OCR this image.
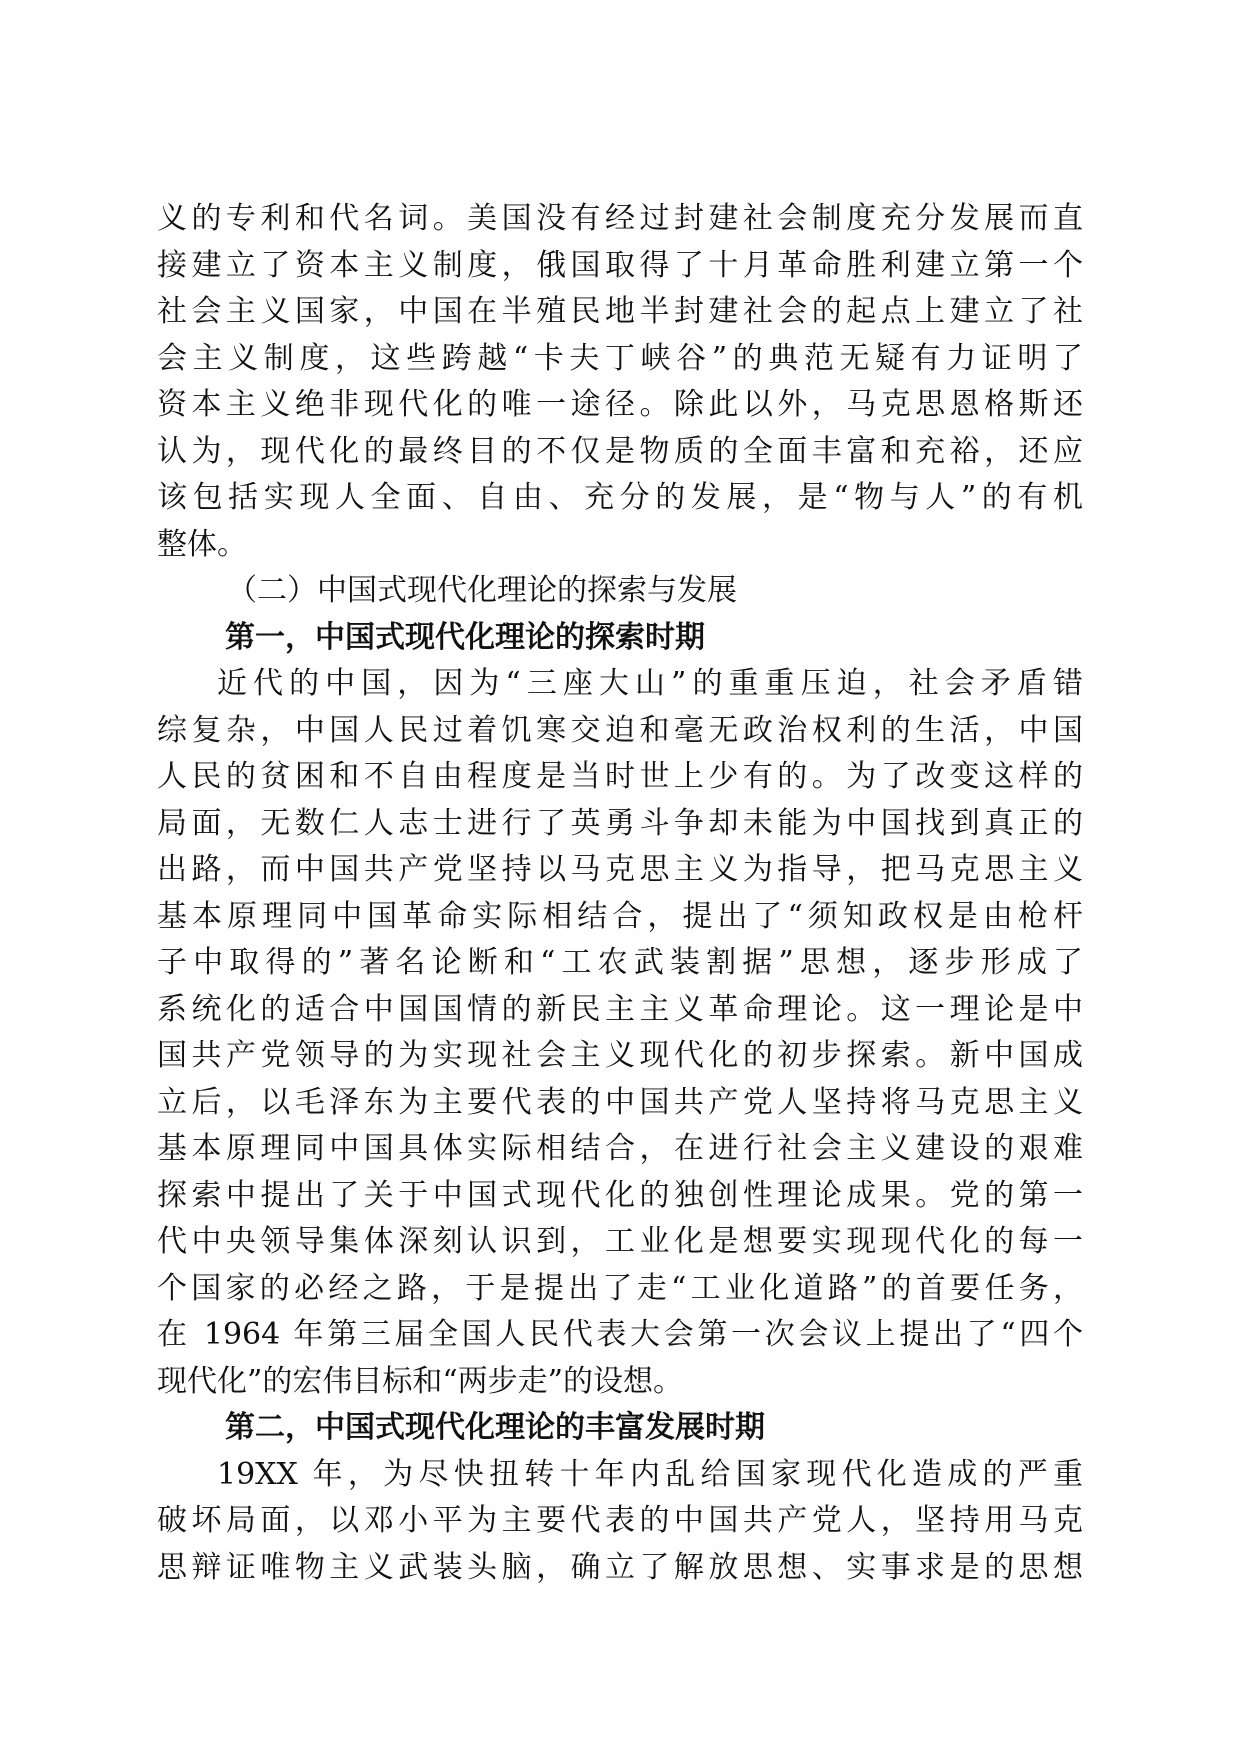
义的专利和代名词。美国没有经过封建社会制度充分发展而直
接建立了资本主义制度，俄国取得了十月革命胜利建立第一个
社会主义国家，中国在半殖民地半封建社会的起点上建立了社
会主义制度，这些跨越“卡夫丁峡谷”的典范无疑有力证明了
资本主义绝非现代化的唯一途径。除此以外，马克思恩格斯还
认为，现代化的最终目的不仅是物质的全面丰富和充裕，还应
该包括实现人全面、自由、充分的发展，是“物与人”的有机
整体。
（二）中国式现代化理论的探索与发展
第一，中国式现代化理论的探索时期
近代的中国，因为“三座大山”的重重压迫，社会矛盾错
综复杂，中国人民过着饥寒交迫和毫无政治权利的生活，中国
人民的贫困和不自由程度是当时世上少有的。为了改变这样的
局面，无数仁人志士进行了英勇斗争却未能为中国找到真正的
出路，而中国共产党坚持以马克思主义为指导，把马克思主义
基本原理同中国革命实际相结合，提出了“须知政权是由枪杆
子中取得的”著名论断和“工农武装割据”思想，逐步形成了
系统化的适合中国国情的新民主主义革命理论。这一理论是中
国共产党领导的为实现社会主义现代化的初步探索。新中国成
立后，以毛泽东为主要代表的中国共产党人坚持将马克思主义
基本原理同中国具体实际相结合，在进行社会主义建设的艰难
探索中提出了关于中国式现代化的独创性理论成果。党的第一
代中央领导集体深刻认识到，工业化是想要实现现代化的每一
个国家的必经之路，于是提出了走“工业化道路”的首要任务，
在 1964 年第三届全国人民代表大会第一次会议上提出了“四个
现代化”的宏伟目标和“两步走”的设想。
第二，中国式现代化理论的丰富发展时期
19XX 年，为尽快扭转十年内乱给国家现代化造成的严重
破坏局面，以邓小平为主要代表的中国共产党人，坚持用马克
思辩证唯物主义武装头脑，确立了解放思想、实事求是的思想
